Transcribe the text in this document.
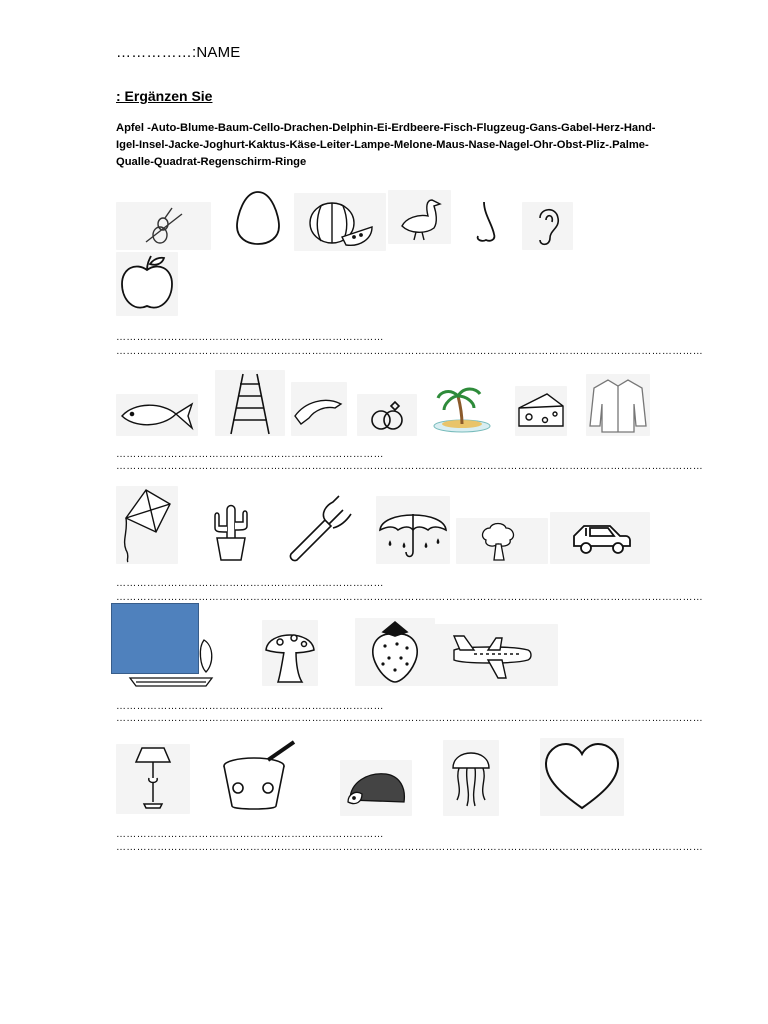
……………:NAME
: Ergänzen Sie
Apfel -Auto-Blume-Baum-Cello-Drachen-Delphin-Ei-Erdbeere-Fisch-Flugzeug-Gans-Gabel-Herz-Hand-Igel-Insel-Jacke-Joghurt-Kaktus-Käse-Leiter-Lampe-Melone-Maus-Nase-Nagel-Ohr-Obst-Pliz-.Palme-Qualle-Quadrat-Regenschirm-Ringe
……………………………………………………………………
………………………………………………………………………………………………………………………………………………………
……………………………………………………………………
………………………………………………………………………………………………………………………………………………………
……………………………………………………………………
………………………………………………………………………………………………………………………………………………………
……………………………………………………………………
………………………………………………………………………………………………………………………………………………………
……………………………………………………………………
………………………………………………………………………………………………………………………………………………………
